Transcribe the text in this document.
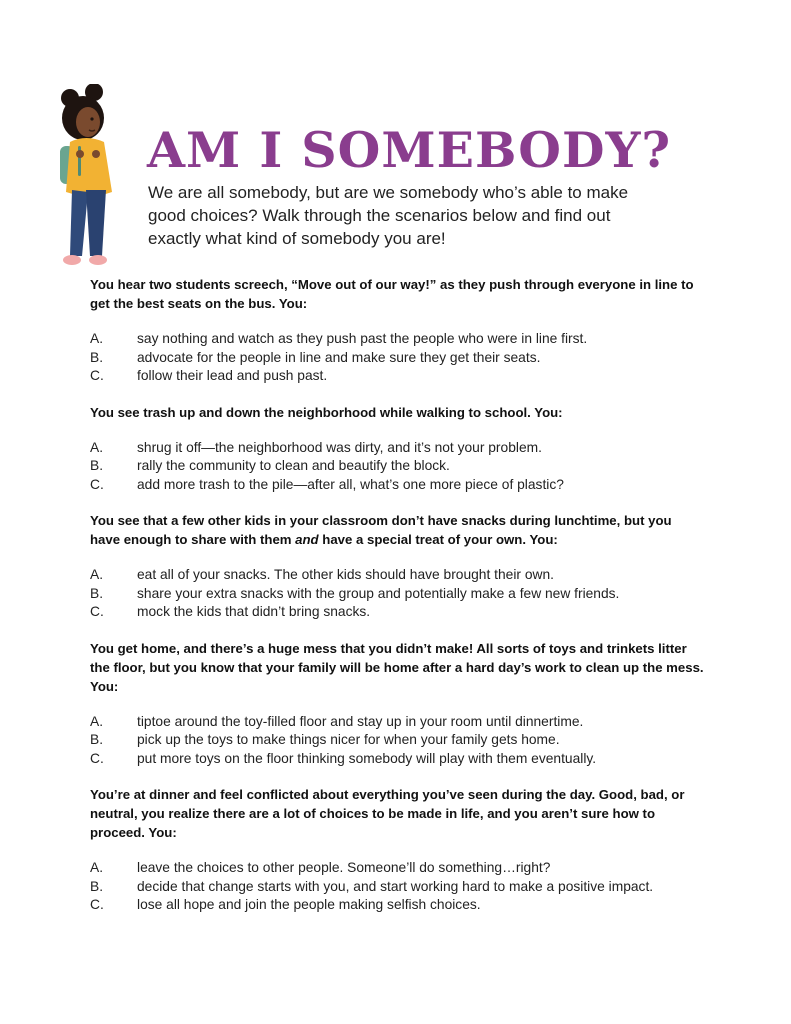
AM I SOMEBODY?

We are all somebody, but are we somebody who’s able to make good choices? Walk through the scenarios below and find out exactly what kind of somebody you are!

You hear two students screech, “Move out of our way!” as they push through everyone in line to get the best seats on the bus. You:

A.	say nothing and watch as they push past the people who were in line first.
B.	advocate for the people in line and make sure they get their seats.
C.	follow their lead and push past.

You see trash up and down the neighborhood while walking to school. You:

A.	shrug it off—the neighborhood was dirty, and it’s not your problem.
B.	rally the community to clean and beautify the block.
C.	add more trash to the pile—after all, what’s one more piece of plastic?

You see that a few other kids in your classroom don’t have snacks during lunchtime, but you have enough to share with them and have a special treat of your own. You:

A.	eat all of your snacks. The other kids should have brought their own.
B.	share your extra snacks with the group and potentially make a few new friends.
C.	mock the kids that didn’t bring snacks.

You get home, and there’s a huge mess that you didn’t make! All sorts of toys and trinkets litter the floor, but you know that your family will be home after a hard day’s work to clean up the mess. You:

A.	tiptoe around the toy-filled floor and stay up in your room until dinnertime.
B.	pick up the toys to make things nicer for when your family gets home.
C.	put more toys on the floor thinking somebody will play with them eventually.

You’re at dinner and feel conflicted about everything you’ve seen during the day. Good, bad, or neutral, you realize there are a lot of choices to be made in life, and you aren’t sure how to proceed. You:

A.	leave the choices to other people. Someone’ll do something…right?
B.	decide that change starts with you, and start working hard to make a positive impact.
C.	lose all hope and join the people making selfish choices.
